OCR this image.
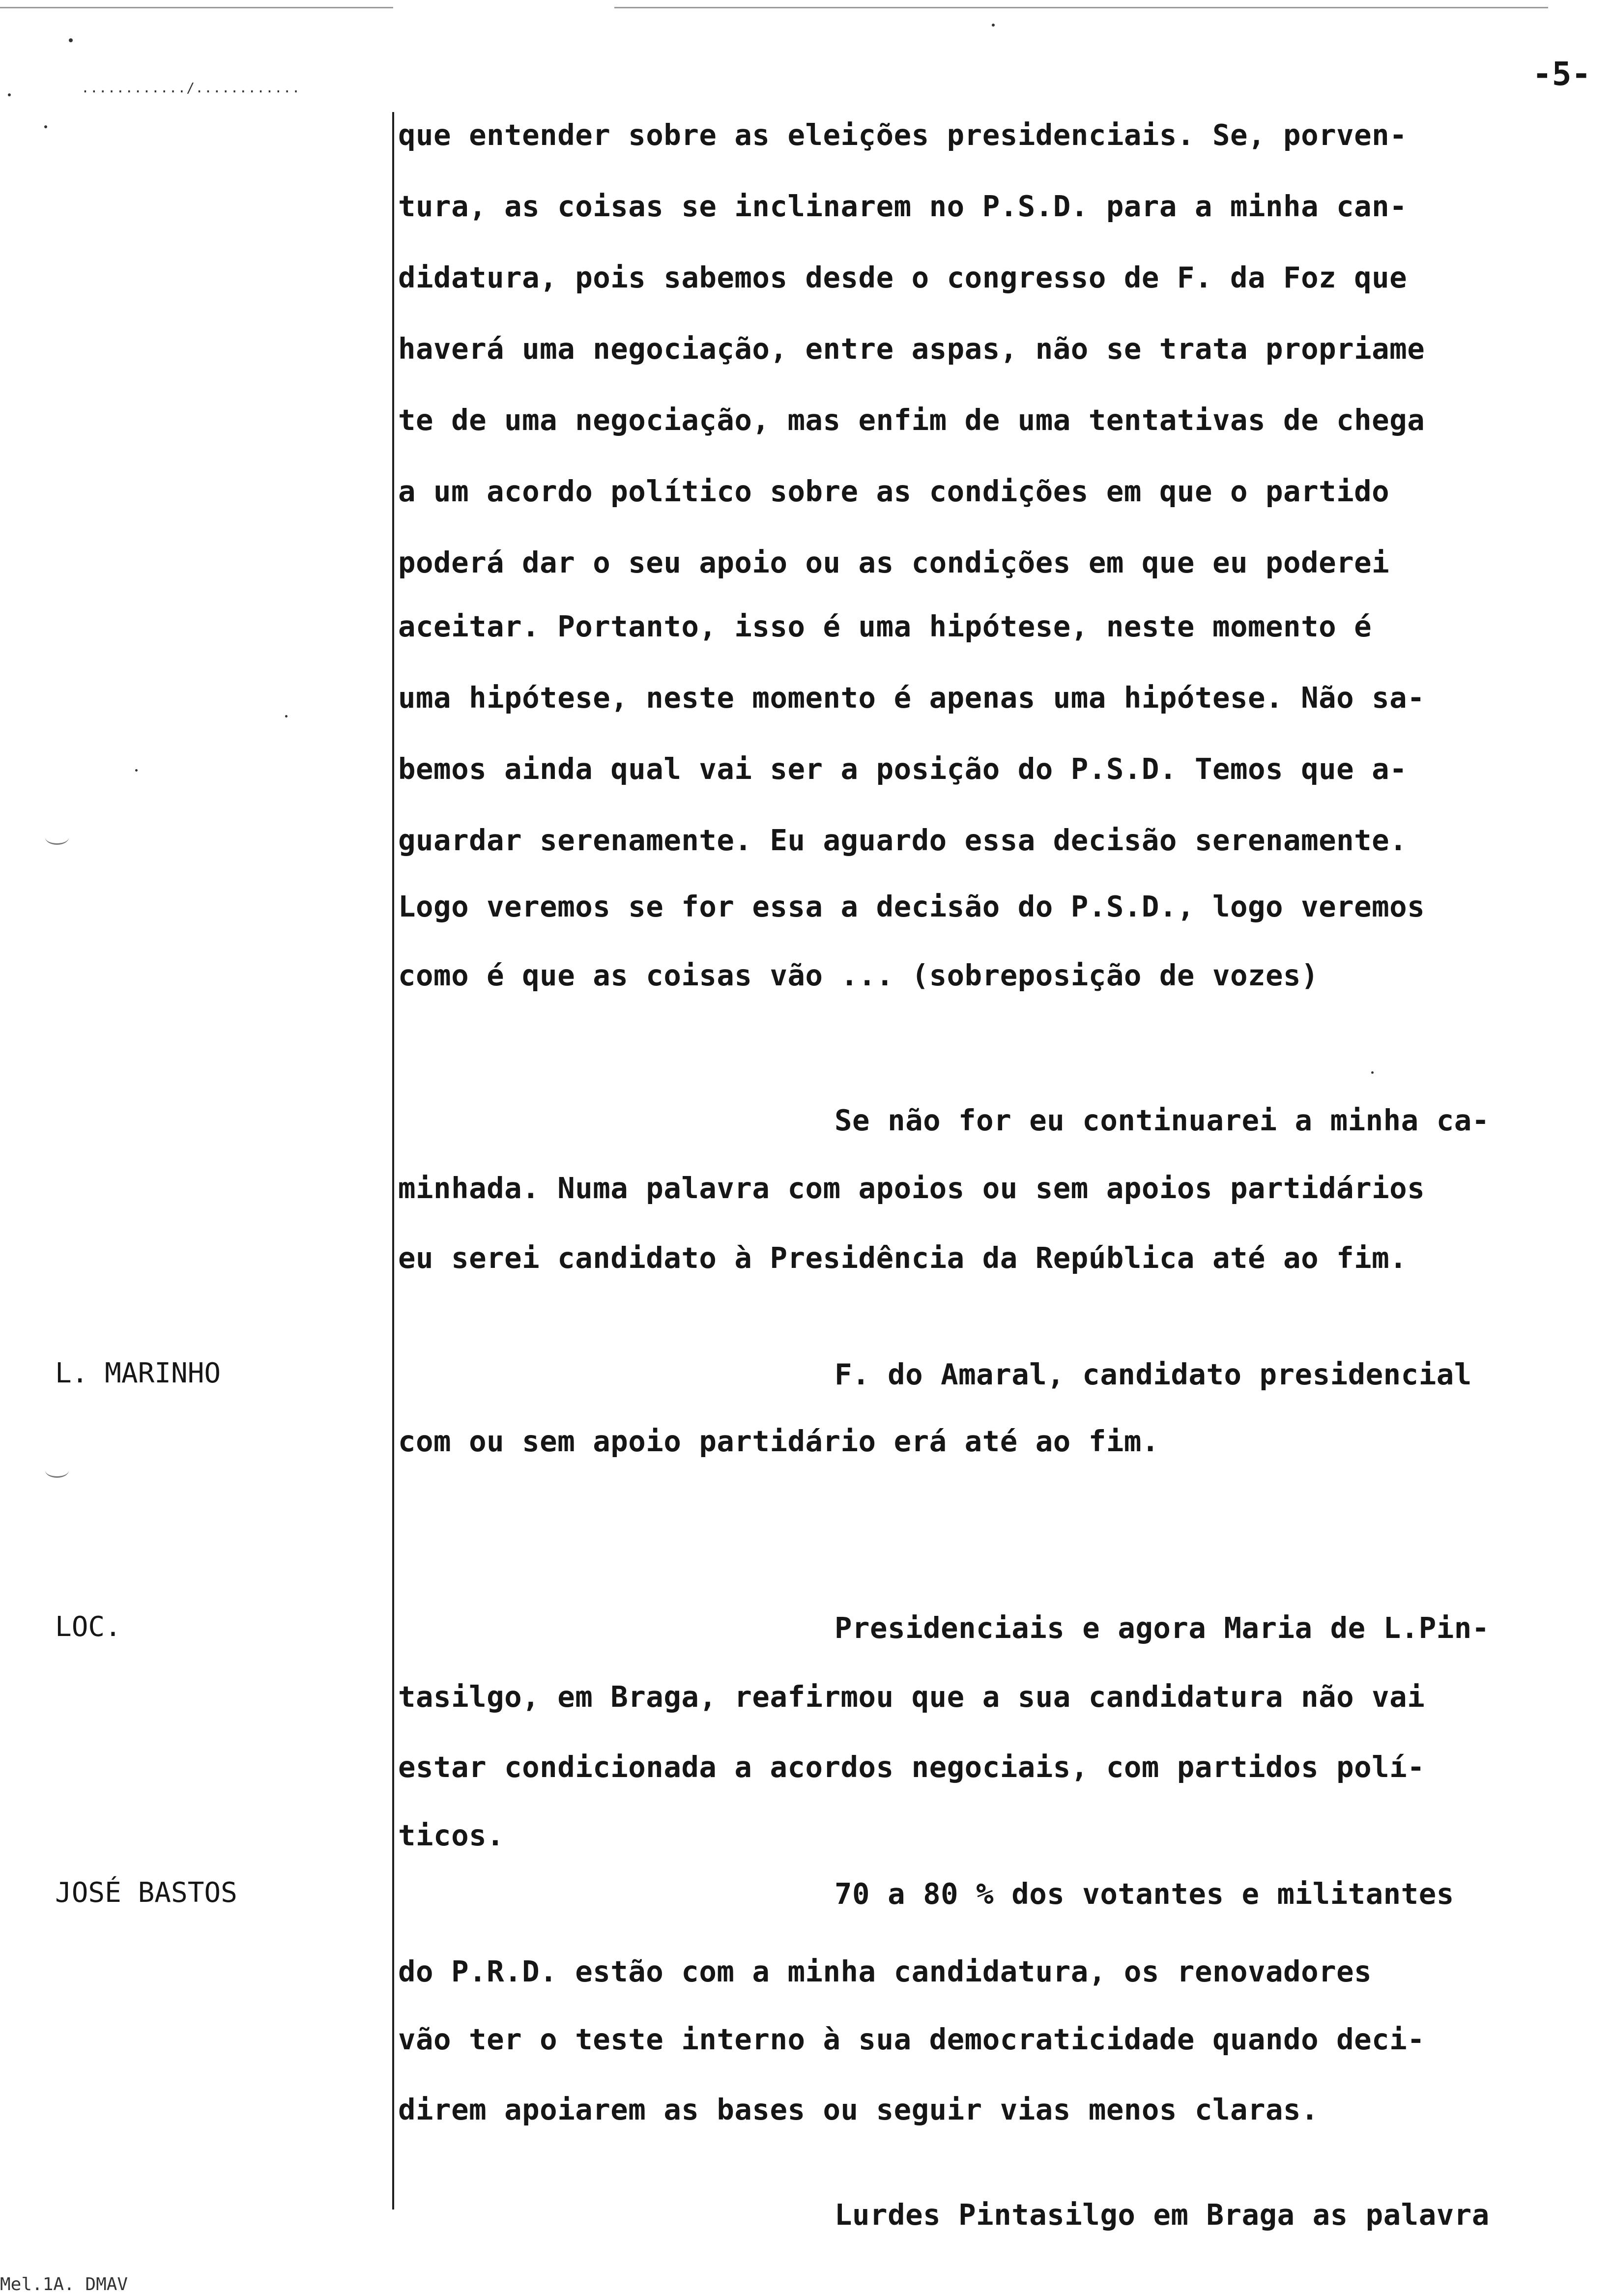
............/............	-5-
L. MARINHO
LOC.
JOSÉ BASTOS
que entender sobre as eleições presidenciais. Se, porven-
tura, as coisas se inclinarem no P.S.D. para a minha can-
didatura, pois sabemos desde o congresso de F. da Foz que
haverá uma negociação, entre aspas, não se trata propriame
te de uma negociação, mas enfim de uma tentativas de chega
a um acordo político sobre as condições em que o partido
poderá dar o seu apoio ou as condições em que eu poderei
aceitar. Portanto, isso é uma hipótese, neste momento é
uma hipótese, neste momento é apenas uma hipótese. Não sa-
bemos ainda qual vai ser a posição do P.S.D. Temos que a-
guardar serenamente. Eu aguardo essa decisão serenamente.
Logo veremos se for essa a decisão do P.S.D., logo veremos
como é que as coisas vão ... (sobreposição de vozes)
Se não for eu continuarei a minha ca-
minhada. Numa palavra com apoios ou sem apoios partidários
eu serei candidato à Presidência da República até ao fim.
F. do Amaral, candidato presidencial
com ou sem apoio partidário erá até ao fim.
Presidenciais e agora Maria de L.Pin-
tasilgo, em Braga, reafirmou que a sua candidatura não vai
estar condicionada a acordos negociais, com partidos polí-
ticos.
70 a 80 % dos votantes e militantes
do P.R.D. estão com a minha candidatura, os renovadores
vão ter o teste interno à sua democraticidade quando deci-
direm apoiarem as bases ou seguir vias menos claras.
Lurdes Pintasilgo em Braga as palavra
Mel.1A. DMAV
